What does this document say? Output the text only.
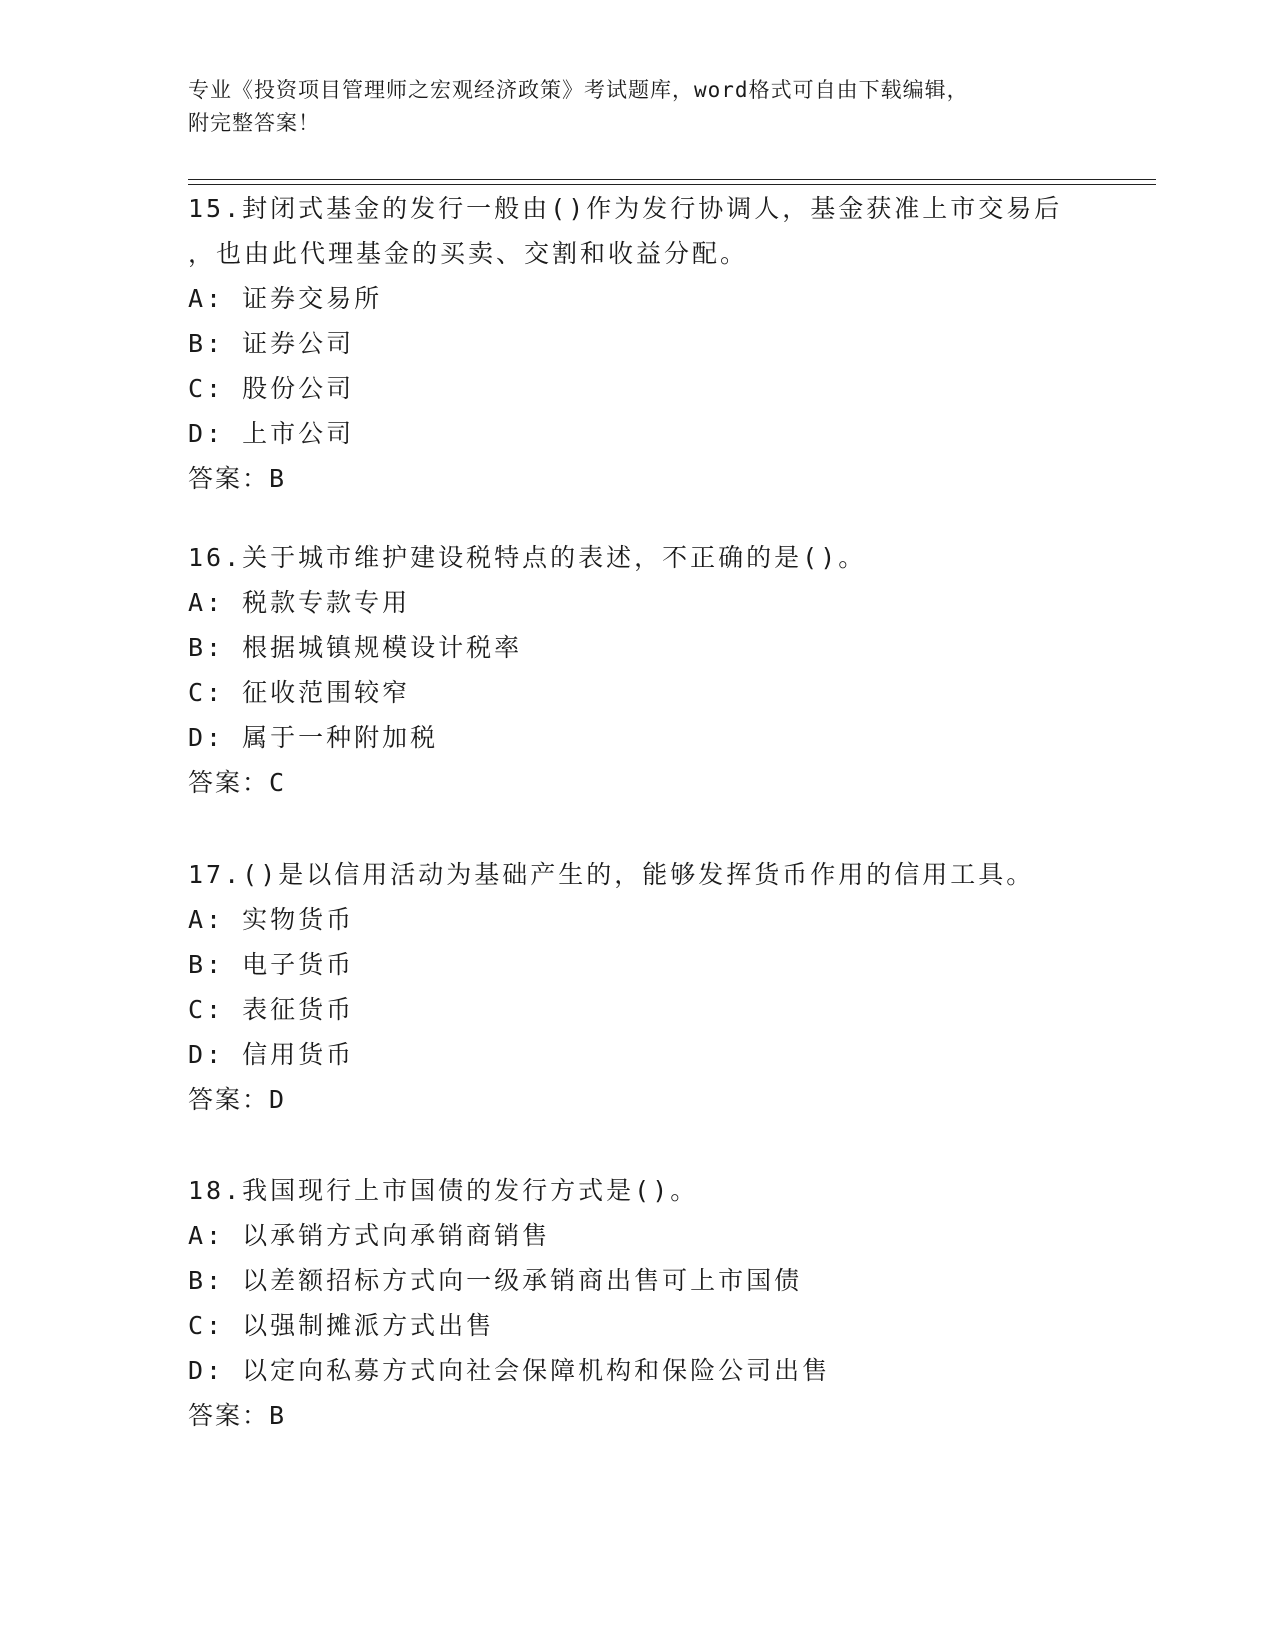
专业《投资项目管理师之宏观经济政策》考试题库，word格式可自由下载编辑，
附完整答案！

15.封闭式基金的发行一般由()作为发行协调人，基金获准上市交易后

，也由此代理基金的买卖、交割和收益分配。

A: 证券交易所

B: 证券公司

C: 股份公司

D: 上市公司

答案：B

16.关于城市维护建设税特点的表述，不正确的是()。

A: 税款专款专用

B: 根据城镇规模设计税率

C: 征收范围较窄

D: 属于一种附加税

答案：C

17.()是以信用活动为基础产生的，能够发挥货币作用的信用工具。

A: 实物货币

B: 电子货币

C: 表征货币

D: 信用货币

答案：D

18.我国现行上市国债的发行方式是()。

A: 以承销方式向承销商销售

B: 以差额招标方式向一级承销商出售可上市国债

C: 以强制摊派方式出售

D: 以定向私募方式向社会保障机构和保险公司出售

答案：B
